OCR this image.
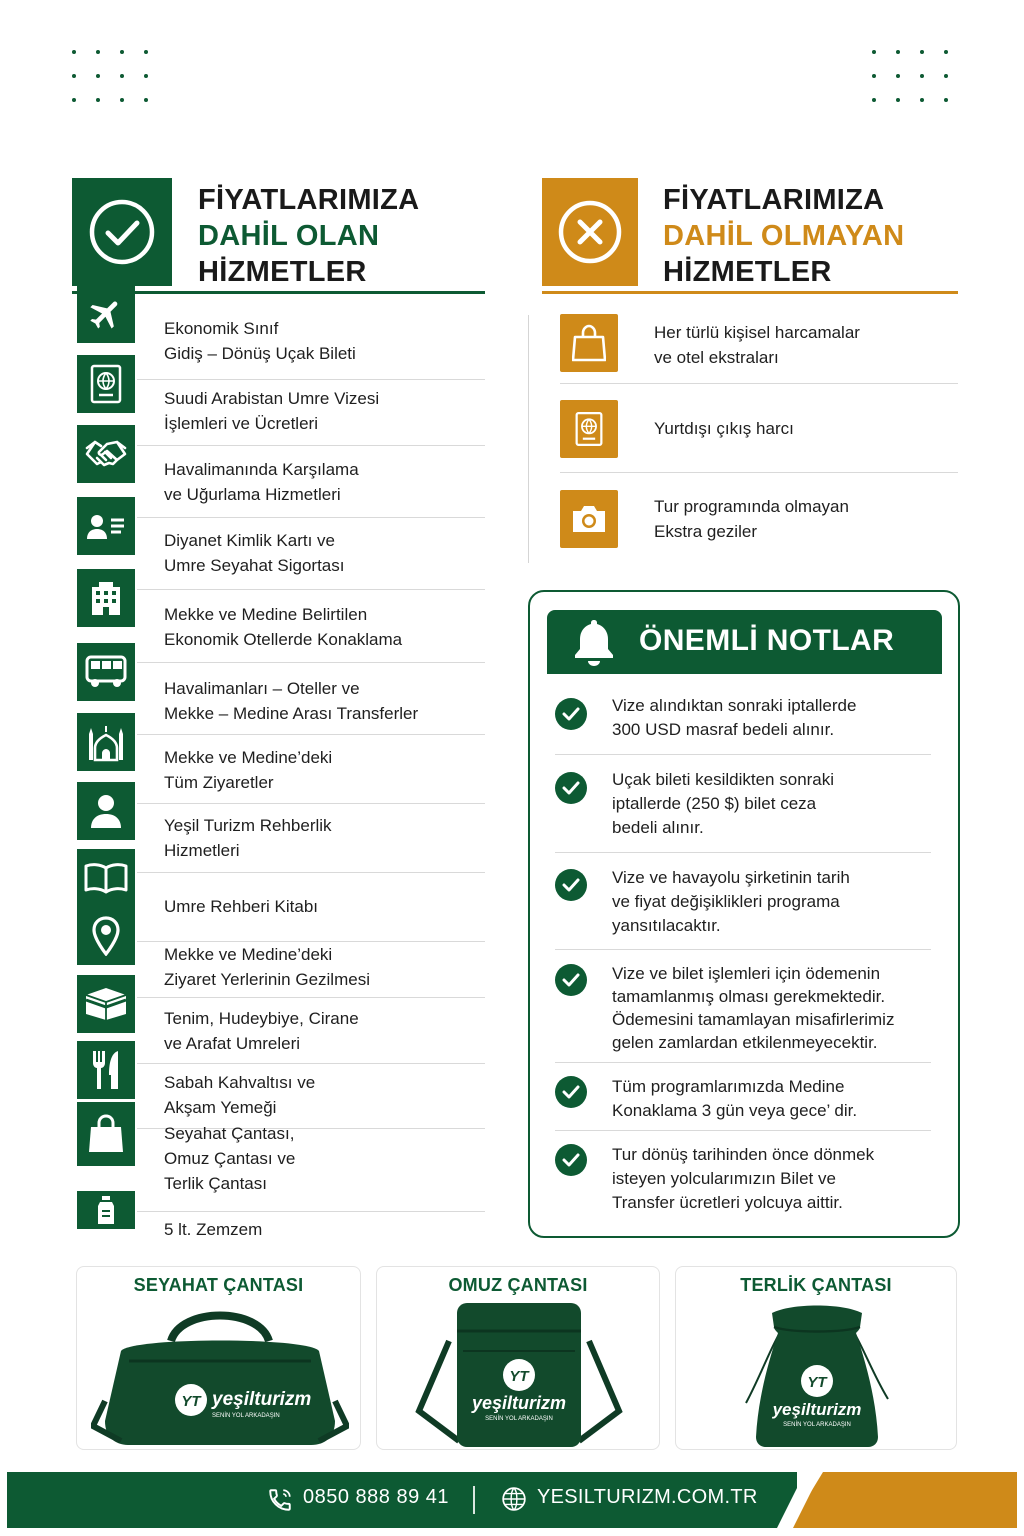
FİYATLARIMIZA
DAHİL OLAN
HİZMETLER
FİYATLARIMIZA
DAHİL OLMAYAN
HİZMETLER
Ekonomik Sınıf
Gidiş – Dönüş Uçak Bileti
Suudi Arabistan Umre Vizesi
İşlemleri ve Ücretleri
Havalimanında Karşılama
ve Uğurlama Hizmetleri
Diyanet Kimlik Kartı ve
Umre Seyahat Sigortası
Mekke ve Medine Belirtilen
Ekonomik Otellerde Konaklama
Havalimanları – Oteller ve
Mekke – Medine Arası Transferler
Mekke ve Medine’deki
Tüm Ziyaretler
Yeşil Turizm Rehberlik
Hizmetleri
Umre Rehberi Kitabı
Mekke ve Medine’deki
Ziyaret Yerlerinin Gezilmesi
Tenim, Hudeybiye, Cirane
ve Arafat Umreleri
Sabah Kahvaltısı ve
Akşam Yemeği
Seyahat Çantası,
Omuz Çantası ve
Terlik Çantası
5 lt. Zemzem
Her türlü kişisel harcamalar
ve otel ekstraları
Yurtdışı çıkış harcı
Tur programında olmayan
Ekstra geziler
ÖNEMLİ NOTLAR
Vize alındıktan sonraki iptallerde
300 USD masraf bedeli alınır.
Uçak bileti kesildikten sonraki
iptallerde (250 $) bilet ceza
bedeli alınır.
Vize ve havayolu şirketinin tarih
ve fiyat değişiklikleri programa
yansıtılacaktır.
Vize ve bilet işlemleri için ödemenin
tamamlanmış olması gerekmektedir.
Ödemesini tamamlayan misafirlerimiz
gelen zamlardan etkilenmeyecektir.
Tüm programlarımızda Medine
Konaklama 3 gün veya gece’ dir.
Tur dönüş tarihinden önce dönmek
isteyen yolcularımızın Bilet ve
Transfer ücretleri yolcuya aittir.
SEYAHAT ÇANTASI
YT yeşilturizm
SENİN YOL ARKADAŞIN
OMUZ ÇANTASI
YT
yeşilturizm
SENİN YOL ARKADAŞIN
TERLİK ÇANTASI
YT
yeşilturizm
SENİN YOL ARKADAŞIN
0850 888 89 41	YESILTURIZM.COM.TR
